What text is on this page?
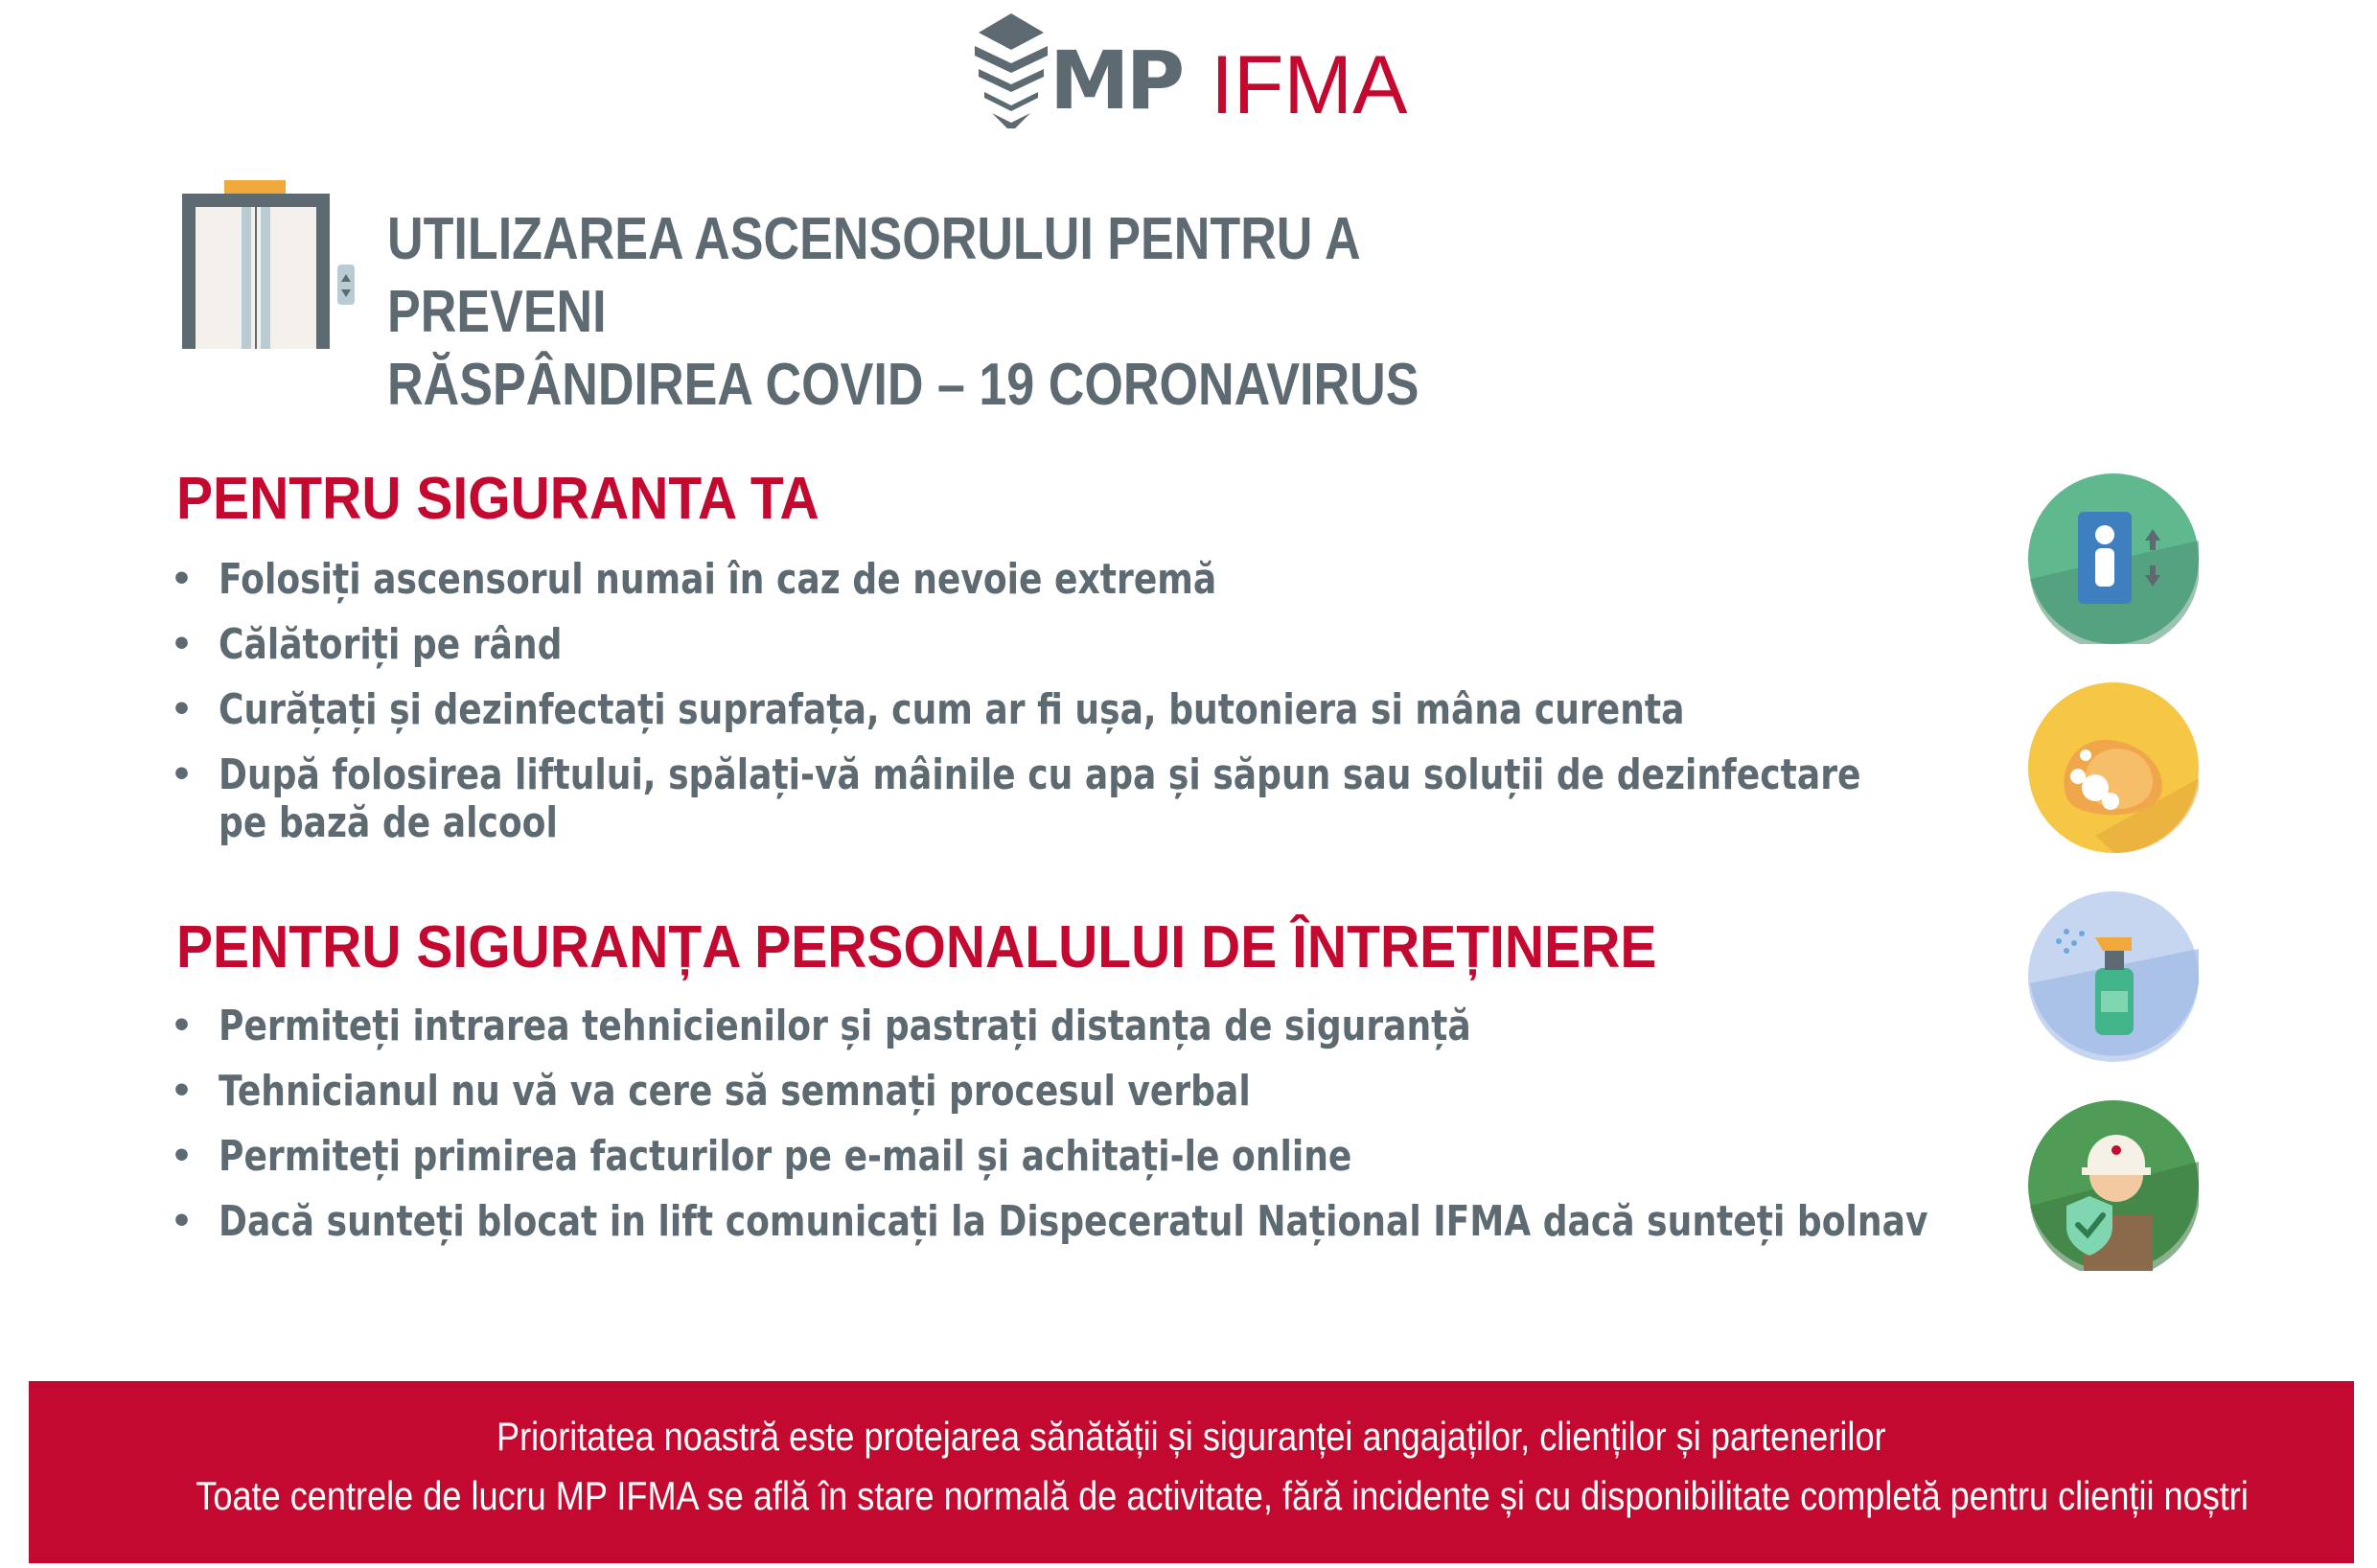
MP IFMA
UTILIZAREA ASCENSORULUI PENTRU A PREVENI
RĂSPÂNDIREA COVID – 19 CORONAVIRUS
PENTRU SIGURANTA TA
• Folosiți ascensorul numai în caz de nevoie extremă
• Călătoriți pe rând
• Curățați și dezinfectați suprafața, cum ar fi ușa, butoniera si mâna curenta
• După folosirea liftului, spălați-vă mâinile cu apa și săpun sau soluții de dezinfectare
pe bază de alcool
PENTRU SIGURANȚA PERSONALULUI DE ÎNTREȚINERE
• Permiteți intrarea tehnicienilor și pastrați distanța de siguranță
• Tehnicianul nu vă va cere să semnați procesul verbal
• Permiteți primirea facturilor pe e-mail și achitați-le online
• Dacă sunteți blocat in lift comunicați la Dispeceratul Național IFMA dacă sunteți bolnav
Prioritatea noastră este protejarea sănătății și siguranței angajaților, clienților și partenerilor
Toate centrele de lucru MP IFMA se află în stare normală de activitate, fără incidente și cu disponibilitate completă pentru clienții noștri
